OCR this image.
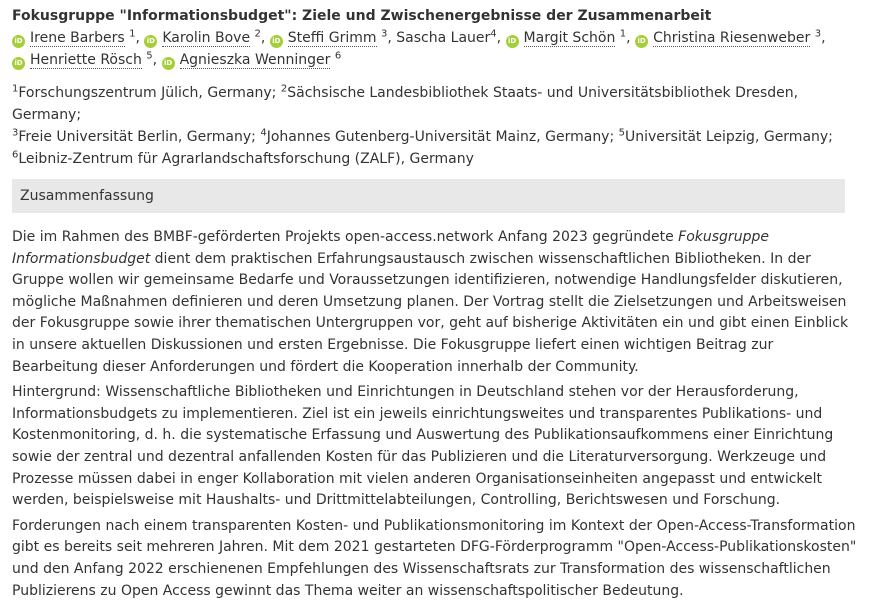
Fokusgruppe "Informationsbudget": Ziele und Zwischenergebnisse der Zusammenarbeit
iD Irene Barbers $^1$, iD Karolin Bove $^2$, iD Steffi Grimm $^3$, Sascha Lauer$^4$, iD Margit Schön $^1$, iD Christina Riesenweber $^3$, iD Henriette Rösch $^5$, iD Agnieszka Wenninger $^6$
$^1$Forschungszentrum Jülich, Germany; $^2$Sächsische Landesbibliothek Staats- und Universitätsbibliothek Dresden, Germany;
$^3$Freie Universität Berlin, Germany; $^4$Johannes Gutenberg-Universität Mainz, Germany; $^5$Universität Leipzig, Germany;
$^6$Leibniz-Zentrum für Agrarlandschaftsforschung (ZALF), Germany
Zusammenfassung

Die im Rahmen des BMBF-geförderten Projekts open-access.network Anfang 2023 gegründete Fokusgruppe Informationsbudget dient dem praktischen Erfahrungsaustausch zwischen wissenschaftlichen Bibliotheken. In der Gruppe wollen wir gemeinsame Bedarfe und Voraussetzungen identifizieren, notwendige Handlungsfelder diskutieren, mögliche Maßnahmen definieren und deren Umsetzung planen. Der Vortrag stellt die Zielsetzungen und Arbeitsweisen der Fokusgruppe sowie ihrer thematischen Untergruppen vor, geht auf bisherige Aktivitäten ein und gibt einen Einblick in unsere aktuellen Diskussionen und ersten Ergebnisse. Die Fokusgruppe liefert einen wichtigen Beitrag zur Bearbeitung dieser Anforderungen und fördert die Kooperation innerhalb der Community.

Hintergrund: Wissenschaftliche Bibliotheken und Einrichtungen in Deutschland stehen vor der Herausforderung, Informationsbudgets zu implementieren. Ziel ist ein jeweils einrichtungsweites und transparentes Publikations- und Kostenmonitoring, d. h. die systematische Erfassung und Auswertung des Publikationsaufkommens einer Einrichtung sowie der zentral und dezentral anfallenden Kosten für das Publizieren und die Literaturversorgung. Werkzeuge und Prozesse müssen dabei in enger Kollaboration mit vielen anderen Organisationseinheiten angepasst und entwickelt werden, beispielsweise mit Haushalts- und Drittmittelabteilungen, Controlling, Berichtswesen und Forschung.

Forderungen nach einem transparenten Kosten- und Publikationsmonitoring im Kontext der Open-Access-Transformation gibt es bereits seit mehreren Jahren. Mit dem 2021 gestarteten DFG-Förderprogramm "Open-Access-Publikationskosten" und den Anfang 2022 erschienenen Empfehlungen des Wissenschaftsrats zur Transformation des wissenschaftlichen Publizierens zu Open Access gewinnt das Thema weiter an wissenschaftspolitischer Bedeutung.
